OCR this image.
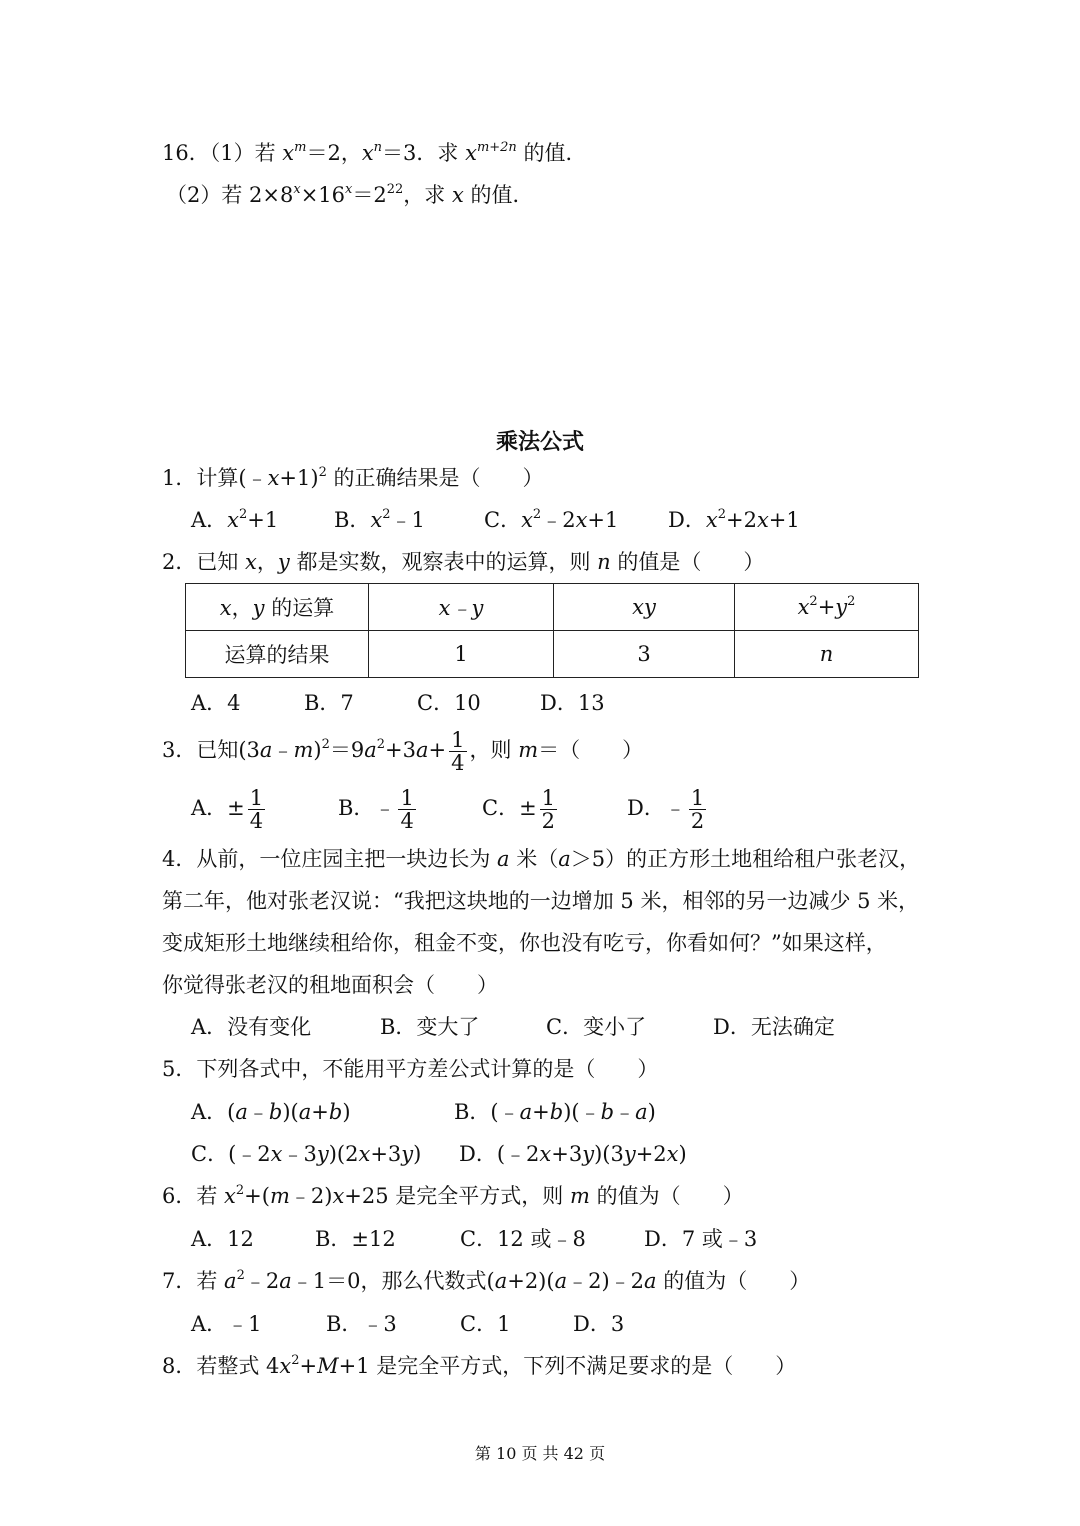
16．（1）若 $x^m=2$，$x^n=3$．求 $x^{m+2n}$ 的值．
（2）若 $2\times 8^x\times 16^x=2^{22}$，求 x 的值．
乘法公式
1．计算(﹣x+1)$^2$ 的正确结果是（　　）
A．$x^2+1$	B．$x^2﹣1$	C．$x^2﹣2x+1$ D．$x^2+2x+1$
2．已知 x，y 都是实数，观察表中的运算，则 n 的值是（　　）
x，y 的运算	x﹣y	xy	$x^2+y^2$
运算的结果	1	3	n
A．4	B．7	C．10	D．13
3．已知$(3a﹣m)^2=9a^2+3a+ \frac{1}{4}$ ，则 m＝（　　）
A．± $\frac{1}{4}$	B．﹣ $\frac{1}{4}$	C．± $\frac{1}{2}$	D．﹣ $\frac{1}{2}$
4．从前，一位庄园主把一块边长为 a 米（a＞5）的正方形土地租给租户张老汉，
第二年，他对张老汉说：“我把这块地的一边增加 5 米，相邻的另一边减少 5 米，
变成矩形土地继续租给你，租金不变，你也没有吃亏，你看如何？”如果这样，
你觉得张老汉的租地面积会（　　）
A．没有变化	B．变大了	C．变小了	D．无法确定
5．下列各式中，不能用平方差公式计算的是（　　）
A．(a﹣b)(a+b)	B．(﹣a+b)(﹣b﹣a)
C．(﹣2x﹣3y)(2x+3y) D．(﹣2x+3y)(3y+2x)
6．若 $x^2+(m﹣2)x+25$ 是完全平方式，则 m 的值为（　　）
A．12	B．±12	C．12 或﹣8	D．7 或﹣3
7．若 $a^2﹣2a﹣1=0$，那么代数式(a+2)(a﹣2)﹣2a 的值为（　　）
A．﹣1	B．﹣3	C．1	D．3
8．若整式 $4x^2+M+1$ 是完全平方式，下列不满足要求的是（　　）
第 10 页 共 42 页
